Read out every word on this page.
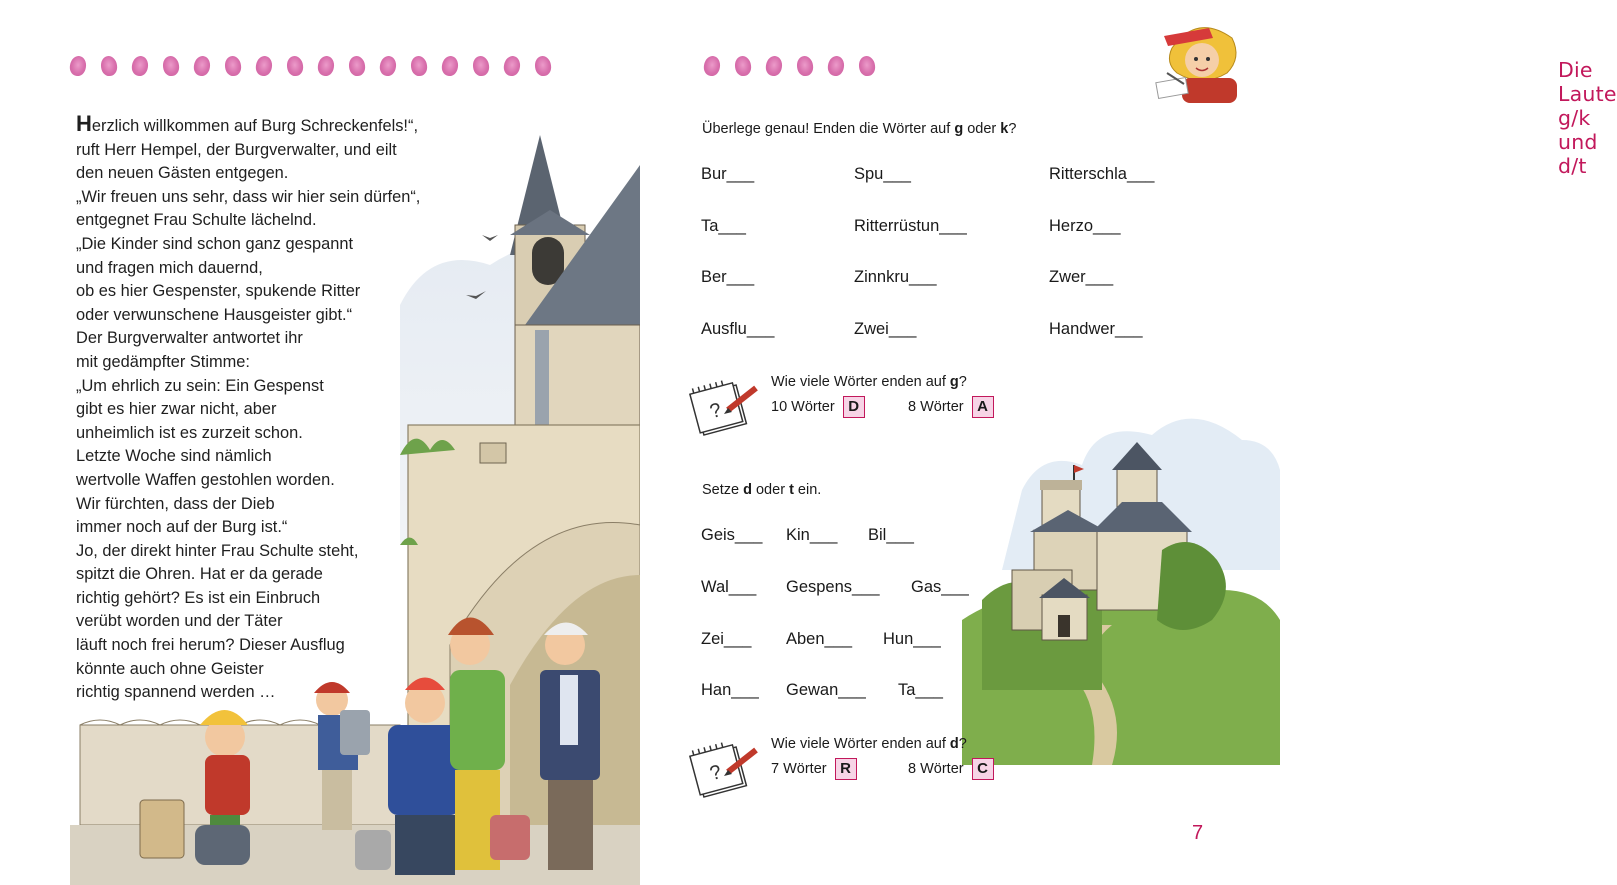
Herzlich willkommen auf Burg Schreckenfels!“,
ruft Herr Hempel, der Burgverwalter, und eilt
den neuen Gästen entgegen.
„Wir freuen uns sehr, dass wir hier sein dürfen“,
entgegnet Frau Schulte lächelnd.
„Die Kinder sind schon ganz gespannt
und fragen mich dauernd,
ob es hier Gespenster, spukende Ritter
oder verwunschene Hausgeister gibt.“
Der Burgverwalter antwortet ihr
mit gedämpfter Stimme:
„Um ehrlich zu sein: Ein Gespenst
gibt es hier zwar nicht, aber
unheimlich ist es zurzeit schon.
Letzte Woche sind nämlich
wertvolle Waffen gestohlen worden.
Wir fürchten, dass der Dieb
immer noch auf der Burg ist.“
Jo, der direkt hinter Frau Schulte steht,
spitzt die Ohren. Hat er da gerade
richtig gehört? Es ist ein Einbruch
verübt worden und der Täter
läuft noch frei herum? Dieser Ausflug
könnte auch ohne Geister
richtig spannend werden …
Die Laute g/k und d/t
Überlege genau! Enden die Wörter auf g oder k?
Bur___	Spu___	Ritterschla___
Ta___	Ritterrüstun___	Herzo___
Ber___	Zinnkru___	Zwer___
Ausflu___	Zwei___	Handwer___
?
Wie viele Wörter enden auf g?
10 Wörter D	8 Wörter A
Setze d oder t ein.
Geis___ Kin___ Bil___
Wal___ Gespens___ Gas___
Zei___ Aben___ Hun___
Han___ Gewan___ Ta___
?
Wie viele Wörter enden auf d?
7 Wörter R	8 Wörter C
7
